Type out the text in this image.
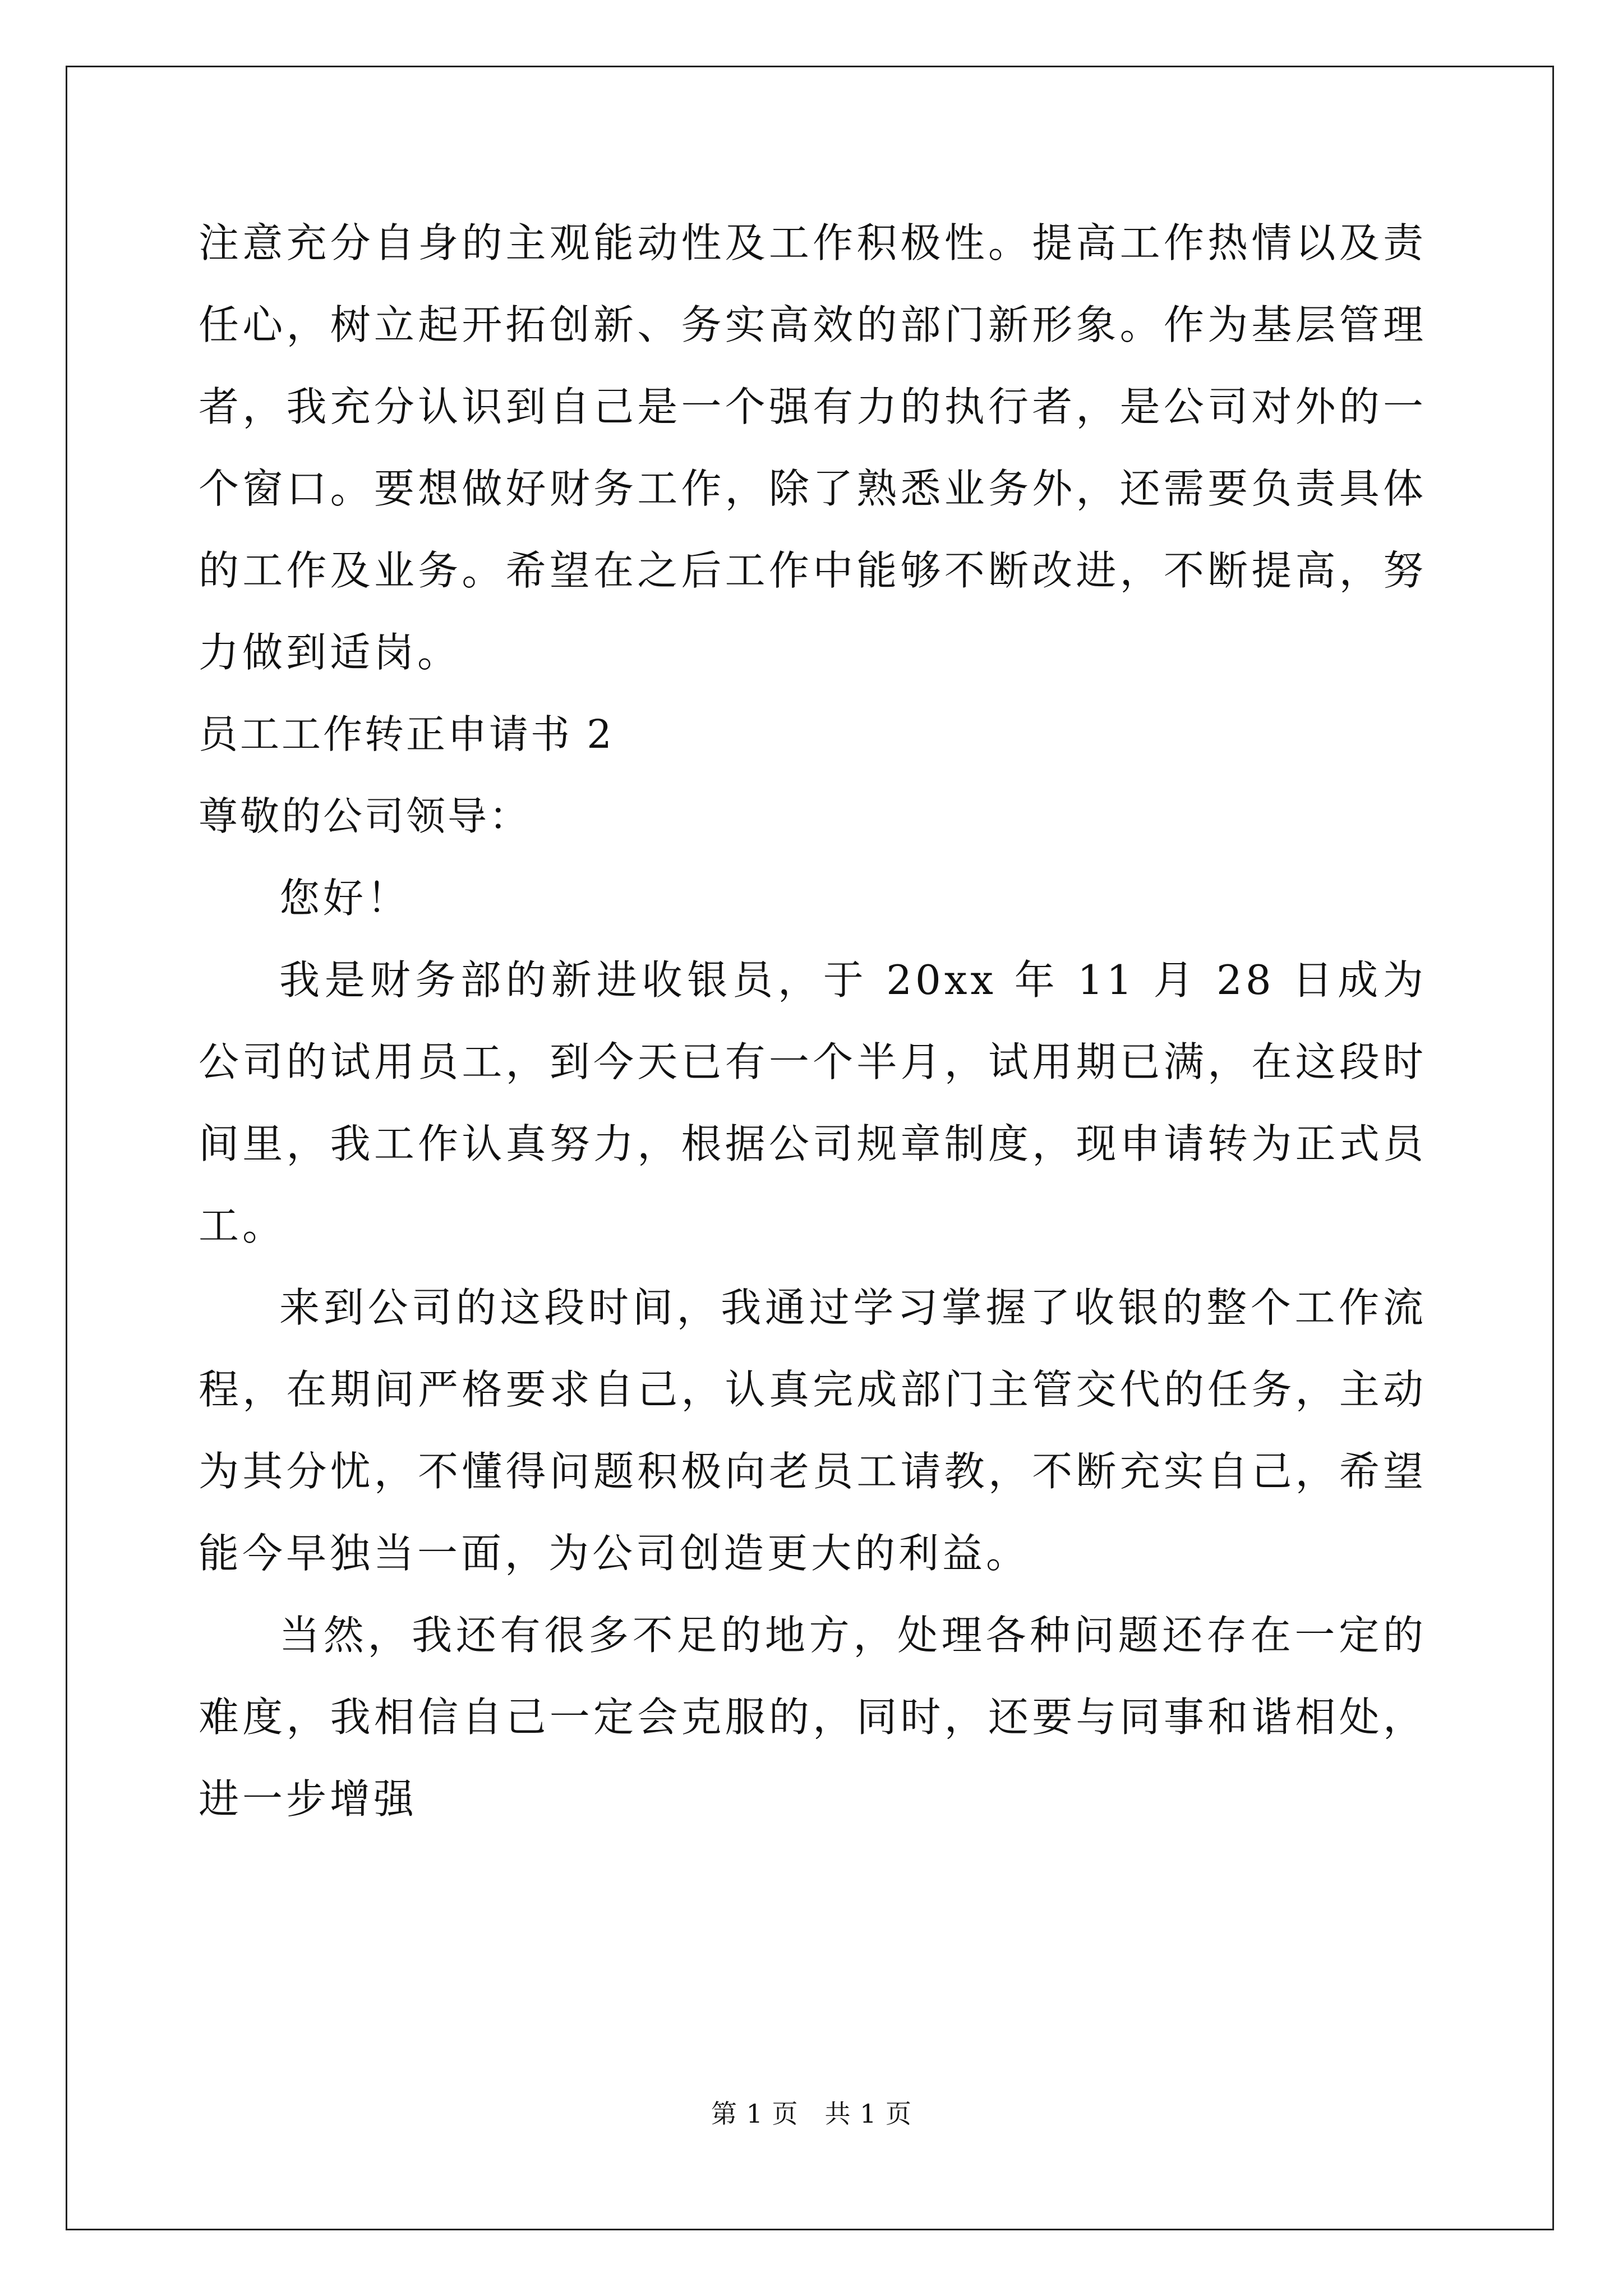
注意充分自身的主观能动性及工作积极性。提高工作热情以及责任心，树立起开拓创新、务实高效的部门新形象。作为基层管理者，我充分认识到自己是一个强有力的执行者，是公司对外的一个窗口。要想做好财务工作，除了熟悉业务外，还需要负责具体的工作及业务。希望在之后工作中能够不断改进，不断提高，努力做到适岗。

员工工作转正申请书 2

尊敬的公司领导：

您好！

我是财务部的新进收银员，于 20xx 年 11 月 28 日成为公司的试用员工，到今天已有一个半月，试用期已满，在这段时间里，我工作认真努力，根据公司规章制度，现申请转为正式员工。

来到公司的这段时间，我通过学习掌握了收银的整个工作流程，在期间严格要求自己，认真完成部门主管交代的任务，主动为其分忧，不懂得问题积极向老员工请教，不断充实自己，希望能今早独当一面，为公司创造更大的利益。

当然，我还有很多不足的地方，处理各种问题还存在一定的难度，我相信自己一定会克服的，同时，还要与同事和谐相处，进一步增强

第 1 页　共 1 页
